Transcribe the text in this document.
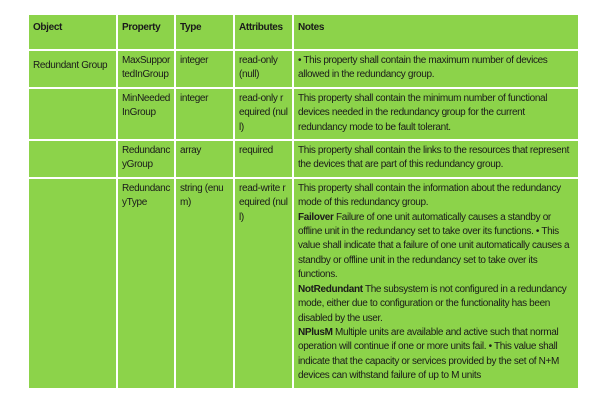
Object	Property	Type	Attributes	Notes
Redundant Group	MaxSupportedInGroup	integer	read-only (null)	• This property shall contain the maximum number of devices allowed in the redundancy group.
	MinNeededInGroup	integer	read-only required (null)	This property shall contain the minimum number of functional devices needed in the redundancy group for the current redundancy mode to be fault tolerant.
	RedundancyGroup	array	required	This property shall contain the links to the resources that represent the devices that are part of this redundancy group.
	RedundancyType	string (enum)	read-write required (null)	This property shall contain the information about the redundancy mode of this redundancy group.
Failover Failure of one unit automatically causes a standby or offline unit in the redundancy set to take over its functions. • This value shall indicate that a failure of one unit automatically causes a standby or offline unit in the redundancy set to take over its functions.
NotRedundant The subsystem is not configured in a redundancy mode, either due to configuration or the functionality has been disabled by the user.
NPlusM Multiple units are available and active such that normal operation will continue if one or more units fail. • This value shall indicate that the capacity or services provided by the set of N+M devices can withstand failure of up to M units
